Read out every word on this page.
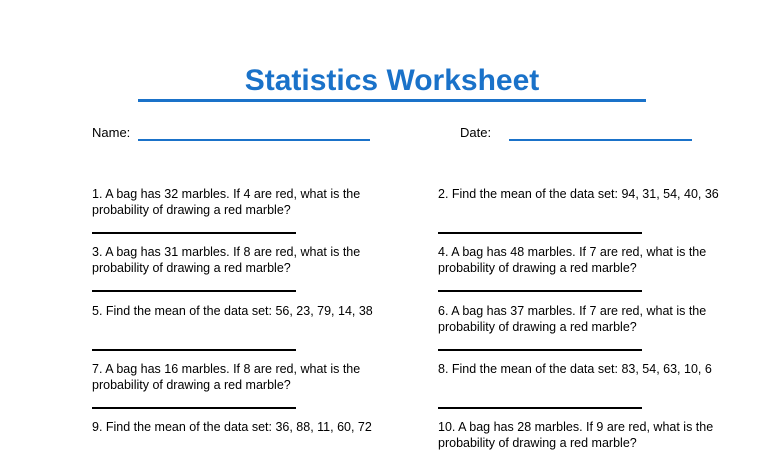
Statistics Worksheet
Name:	Date:

1. A bag has 32 marbles. If 4 are red, what is the probability of drawing a red marble?

2. Find the mean of the data set: 94, 31, 54, 40, 36

3. A bag has 31 marbles. If 8 are red, what is the probability of drawing a red marble?

4. A bag has 48 marbles. If 7 are red, what is the probability of drawing a red marble?

5. Find the mean of the data set: 56, 23, 79, 14, 38	6. A bag has 37 marbles. If 7 are red, what is the probability of drawing a red marble?

7. A bag has 16 marbles. If 8 are red, what is the probability of drawing a red marble?

8. Find the mean of the data set: 83, 54, 63, 10, 6

9. Find the mean of the data set: 36, 88, 11, 60, 72	10. A bag has 28 marbles. If 9 are red, what is the probability of drawing a red marble?
